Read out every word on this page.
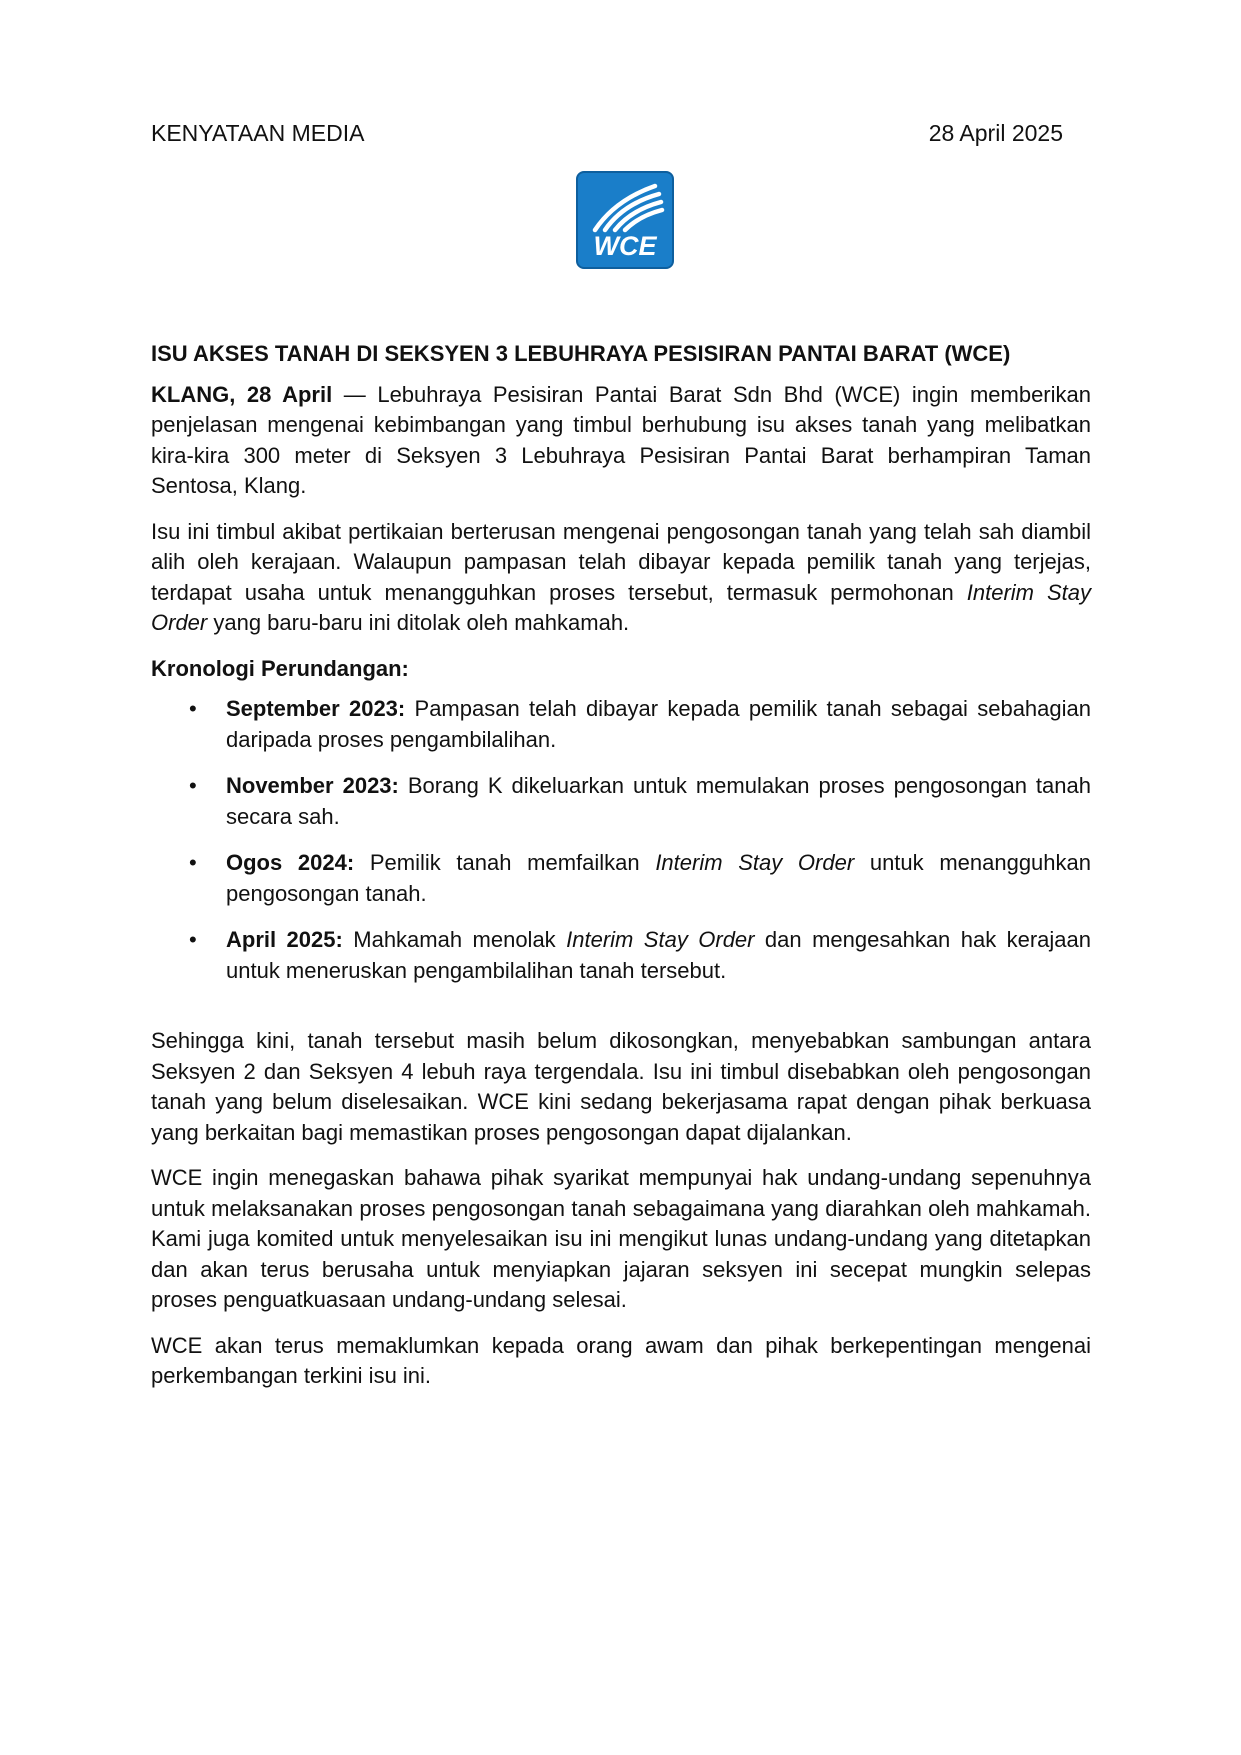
KENYATAAN MEDIA	28 April 2025
WCE
ISU AKSES TANAH DI SEKSYEN 3 LEBUHRAYA PESISIRAN PANTAI BARAT (WCE)

KLANG, 28 April — Lebuhraya Pesisiran Pantai Barat Sdn Bhd (WCE) ingin memberikan penjelasan mengenai kebimbangan yang timbul berhubung isu akses tanah yang melibatkan kira-kira 300 meter di Seksyen 3 Lebuhraya Pesisiran Pantai Barat berhampiran Taman Sentosa, Klang.

Isu ini timbul akibat pertikaian berterusan mengenai pengosongan tanah yang telah sah diambil alih oleh kerajaan. Walaupun pampasan telah dibayar kepada pemilik tanah yang terjejas, terdapat usaha untuk menangguhkan proses tersebut, termasuk permohonan Interim Stay Order yang baru-baru ini ditolak oleh mahkamah.

Kronologi Perundangan:
• September 2023: Pampasan telah dibayar kepada pemilik tanah sebagai sebahagian daripada proses pengambilalihan.
• November 2023: Borang K dikeluarkan untuk memulakan proses pengosongan tanah secara sah.
• Ogos 2024: Pemilik tanah memfailkan Interim Stay Order untuk menangguhkan pengosongan tanah.
• April 2025: Mahkamah menolak Interim Stay Order dan mengesahkan hak kerajaan untuk meneruskan pengambilalihan tanah tersebut.

Sehingga kini, tanah tersebut masih belum dikosongkan, menyebabkan sambungan antara Seksyen 2 dan Seksyen 4 lebuh raya tergendala. Isu ini timbul disebabkan oleh pengosongan tanah yang belum diselesaikan. WCE kini sedang bekerjasama rapat dengan pihak berkuasa yang berkaitan bagi memastikan proses pengosongan dapat dijalankan.

WCE ingin menegaskan bahawa pihak syarikat mempunyai hak undang-undang sepenuhnya untuk melaksanakan proses pengosongan tanah sebagaimana yang diarahkan oleh mahkamah. Kami juga komited untuk menyelesaikan isu ini mengikut lunas undang-undang yang ditetapkan dan akan terus berusaha untuk menyiapkan jajaran seksyen ini secepat mungkin selepas proses penguatkuasaan undang-undang selesai.

WCE akan terus memaklumkan kepada orang awam dan pihak berkepentingan mengenai perkembangan terkini isu ini.
